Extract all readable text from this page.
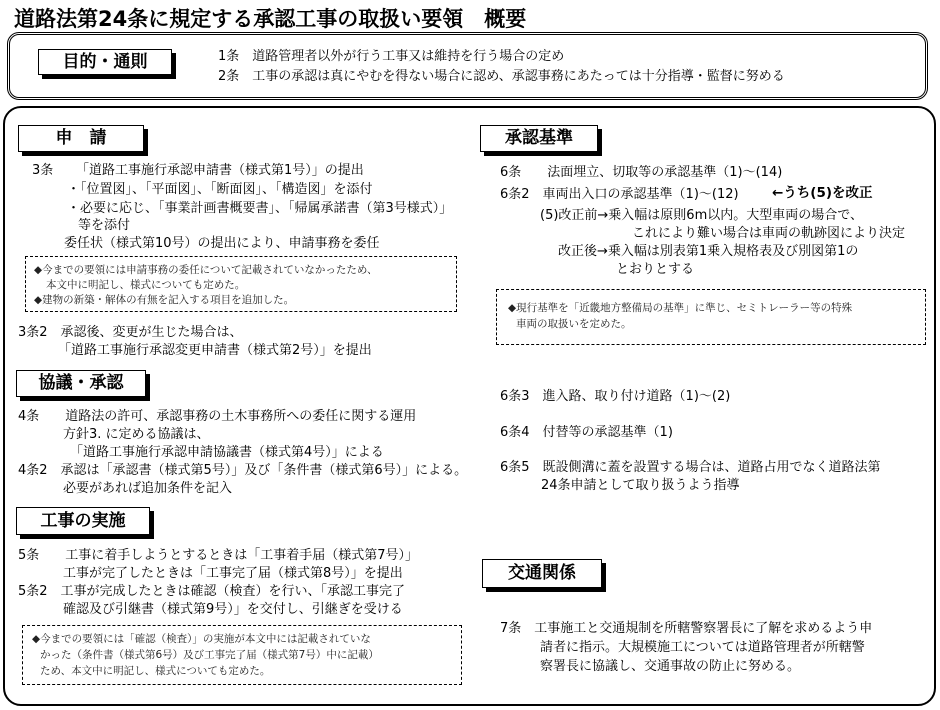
道路法第24条に規定する承認工事の取扱い要領　概要
目的・通則	1条　道路管理者以外が行う工事又は維持を行う場合の定め
2条　工事の承認は真にやむを得ない場合に認め、承認事務にあたっては十分指導・監督に努める
申　請
3条 「道路工事施行承認申請書（様式第1号）」の提出
・「位置図」、「平面図」、「断面図」、「構造図」を添付
・必要に応じ、「事業計画書概要書」、「帰属承諾書（第3号様式）」
等を添付
委任状（様式第10号）の提出により、申請事務を委任
◆今までの要領には申請事務の委任について記載されていなかったため、
本文中に明記し、様式についても定めた。
◆建物の新築・解体の有無を記入する項目を追加した。
3条2　承認後、変更が生じた場合は、
「道路工事施行承認変更申請書（様式第2号）」を提出
協議・承認
4条　　道路法の許可、承認事務の土木事務所への委任に関する運用
方針3. に定める協議は、
「道路工事施行承認申請協議書（様式第4号）」による
4条2　承認は「承認書（様式第5号）」及び「条件書（様式第6号）」による。
必要があれば追加条件を記入
工事の実施
5条　　工事に着手しようとするときは「工事着手届（様式第7号）」
工事が完了したときは「工事完了届（様式第8号）」を提出
5条2　工事が完成したときは確認（検査）を行い、「承認工事完了
確認及び引継書（様式第9号）」を交付し、引継ぎを受ける
◆今までの要領には「確認（検査）」の実施が本文中には記載されていな
かった（条件書（様式第6号）及び工事完了届（様式第7号）中に記載）
ため、本文中に明記し、様式についても定めた。
承認基準
6条　　法面埋立、切取等の承認基準（1)～(14)
6条2　車両出入口の承認基準（1)～(12) ←うち(5)を改正
(5)改正前→乗入幅は原則6m以内。大型車両の場合で、
これにより難い場合は車両の軌跡図により決定
改正後→乗入幅は別表第1乗入規格表及び別図第1の
とおりとする
◆現行基準を「近畿地方整備局の基準」に準じ、セミトレーラー等の特殊
車両の取扱いを定めた。
6条3　進入路、取り付け道路（1)～(2)
6条4　付替等の承認基準（1)
6条5　既設側溝に蓋を設置する場合は、道路占用でなく道路法第
24条申請として取り扱うよう指導
交通関係
7条　工事施工と交通規制を所轄警察署長に了解を求めるよう申
請者に指示。大規模施工については道路管理者が所轄警
察署長に協議し、交通事故の防止に努める。
